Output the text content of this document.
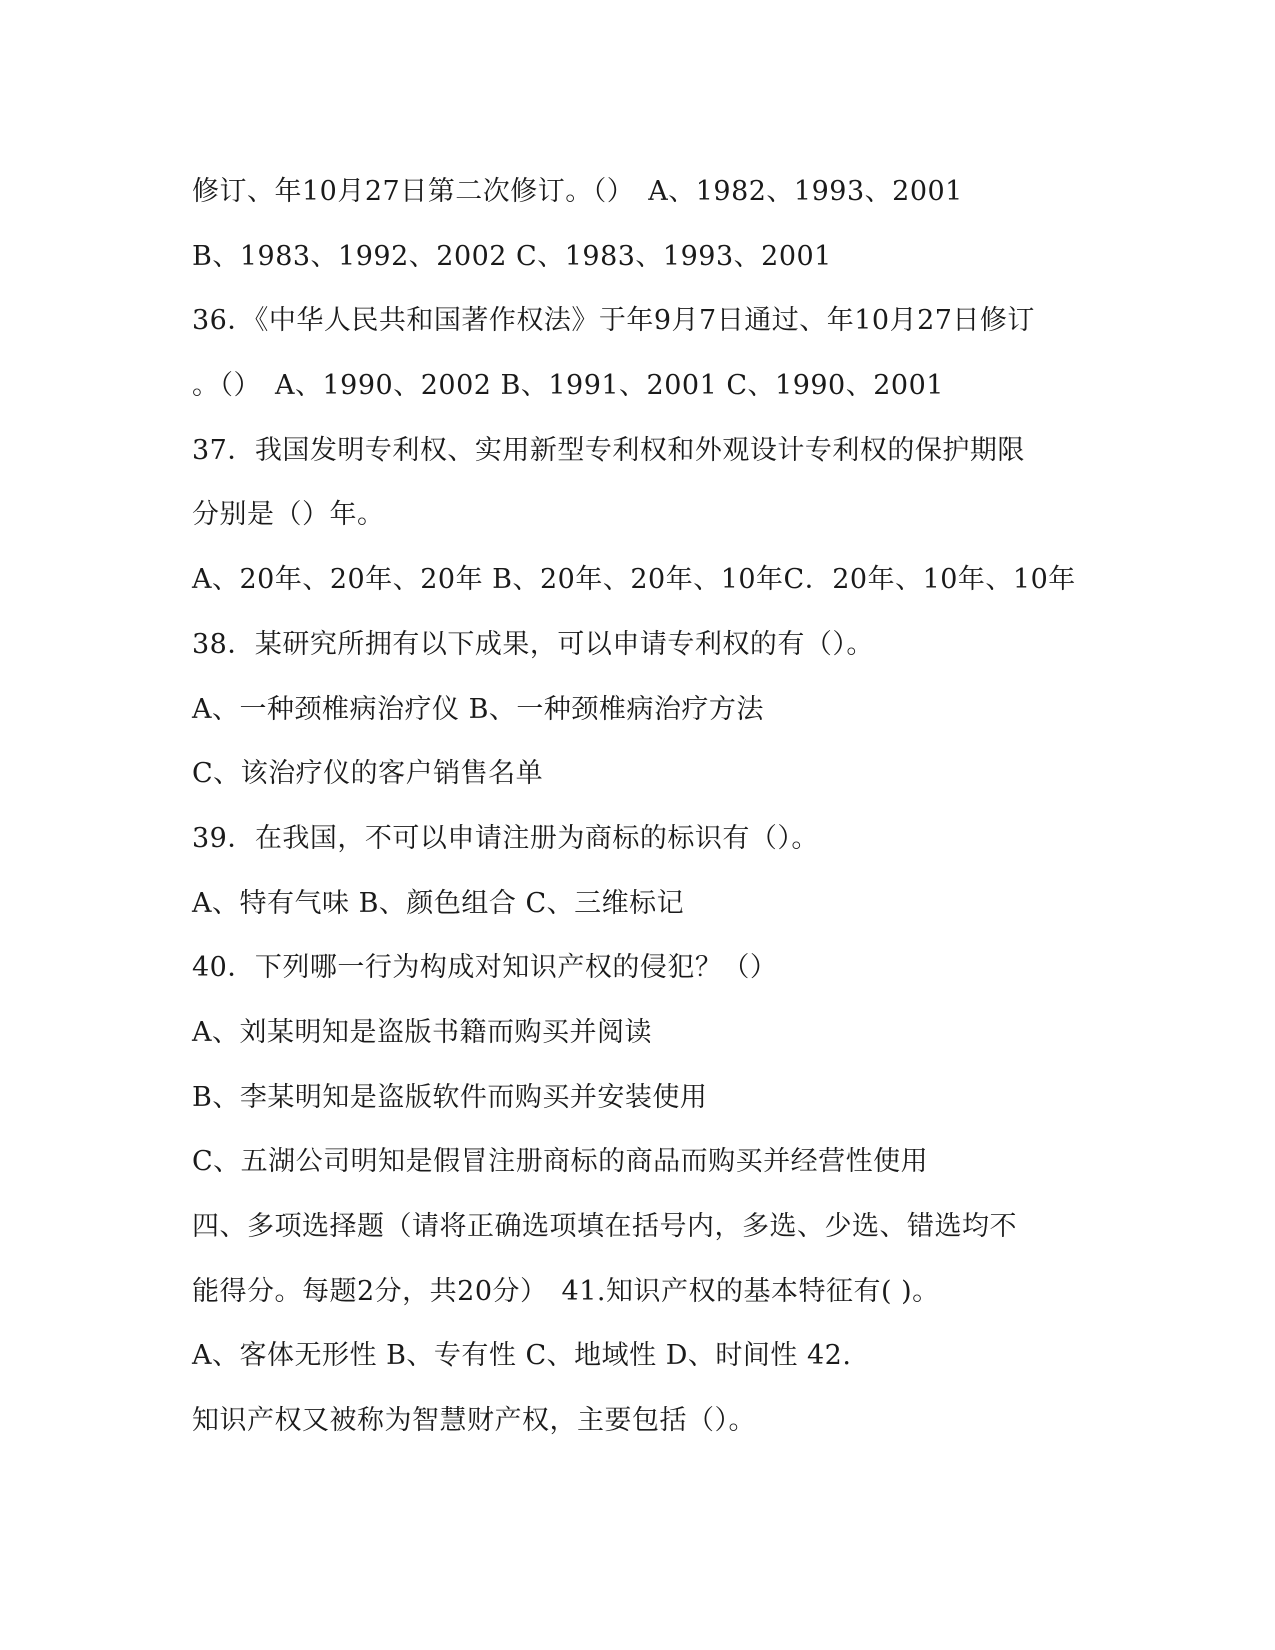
修订、年10月27日第二次修订。（）　A、1982、1993、2001
B、1983、1992、2002 C、1983、1993、2001
36．《中华人民共和国著作权法》于年9月7日通过、年10月27日修订
。（）　A、1990、2002 B、1991、2001 C、1990、2001
37．我国发明专利权、实用新型专利权和外观设计专利权的保护期限
分别是（）年。
A、20年、20年、20年 B、20年、20年、10年C．20年、10年、10年
38．某研究所拥有以下成果，可以申请专利权的有（）。
A、一种颈椎病治疗仪 B、一种颈椎病治疗方法
C、该治疗仪的客户销售名单
39．在我国，不可以申请注册为商标的标识有（）。
A、特有气味 B、颜色组合 C、三维标记
40．下列哪一行为构成对知识产权的侵犯？（）
A、刘某明知是盗版书籍而购买并阅读
B、李某明知是盗版软件而购买并安装使用
C、五湖公司明知是假冒注册商标的商品而购买并经营性使用
四、多项选择题（请将正确选项填在括号内，多选、少选、错选均不
能得分。每题2分，共20分）　41.知识产权的基本特征有( )。
A、客体无形性 B、专有性 C、地域性 D、时间性 42.
知识产权又被称为智慧财产权，主要包括（）。
